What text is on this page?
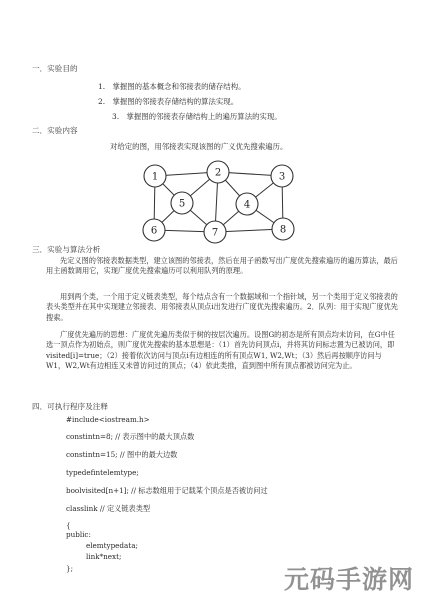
一．实验目的
1.　掌握图的基本概念和邻接表的储存结构。
2.　掌握图的邻接表存储结构的算法实现。
3.　掌握图的邻接表存储结构上的遍历算法的实现。
二．实验内容
对给定的图，用邻接表实现该图的广义优先搜索遍历。
1	2	3
4
5
6	7	8
三．实验与算法分析
先定义图的邻接表数据类型，建立该图的邻接表，然后在用子函数写出广度优先搜索遍历的遍历算法，最后用主函数调用它，实现广度优先搜索遍历可以利用队列的原理。
用到两个类，一个用于定义链表类型，每个结点含有一个数据域和一个指针域，另一个类用于定义邻接表的表头类型并在其中实现建立邻接表、用邻接表从顶点i出发进行广度优先搜索遍历。2．队列：用于实现广度优先搜索。
广度优先遍历的思想：广度优先遍历类似于树的按层次遍历。设图G的初态是所有顶点均未访问，在G中任选一顶点作为初始点，则广度优先搜索的基本思想是：（1）首先访问顶点i，并将其访问标志置为已被访问，即visited[i]=true；（2）接着依次访问与顶点i有边相连的所有顶点W1, W2,Wt；（3）然后再按顺序访问与W1，W2,Wt有边相连又未曾访问过的顶点；（4）依此类推，直到图中所有顶点都被访问完为止。
四．可执行程序及注释
#include<iostream.h>
constintn=8; // 表示图中的最大顶点数
constintn=15; // 图中的最大边数
typedefintelemtype;
boolvisited[n+1]; // 标志数组用于记载某个顶点是否被访问过
classlink // 定义链表类型
{
public:
elemtypedata;
link*next;
};	元码手游网
